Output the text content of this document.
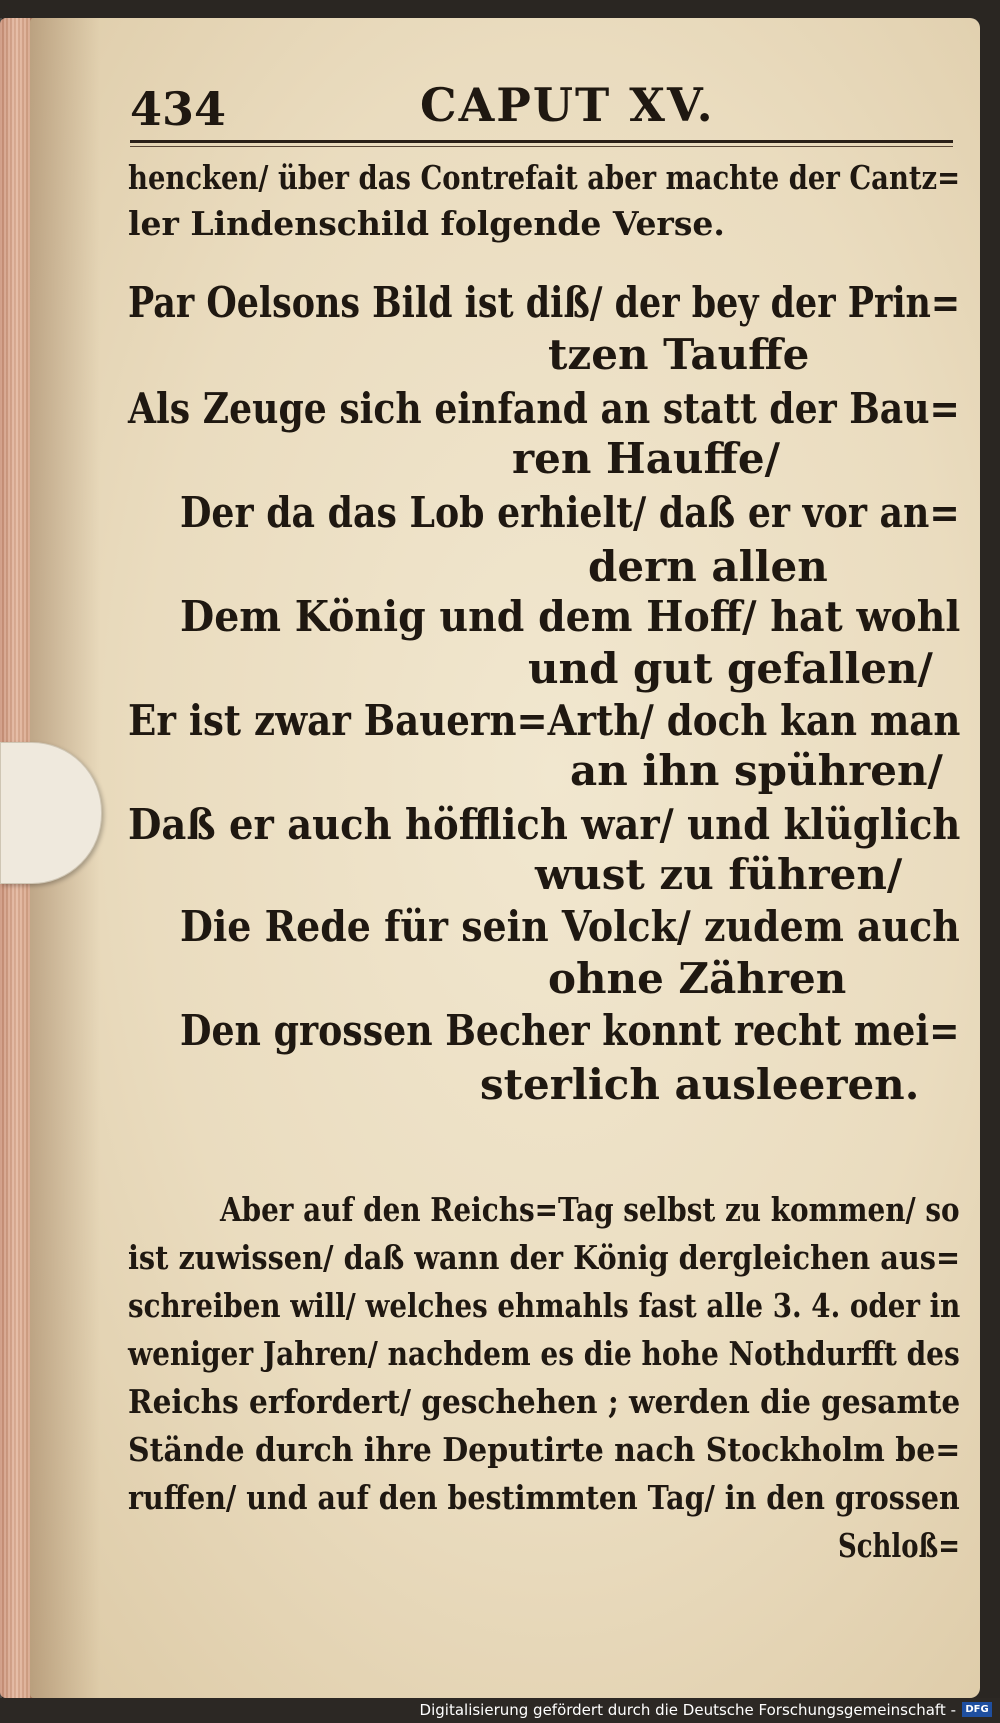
434	CAPUT XV.
hencken/ über das Contrefait aber machte der Cantz=
ler Lindenschild folgende Verse.
Par Oelsons Bild ist diß/ der bey der Prin=
tzen Tauffe
Als Zeuge sich einfand an statt der Bau=
ren Hauffe/
Der da das Lob erhielt/ daß er vor an=
dern allen
Dem König und dem Hoff/ hat wohl
und gut gefallen/
Er ist zwar Bauern=Arth/ doch kan man
an ihn spühren/
Daß er auch höfflich war/ und klüglich
wust zu führen/
Die Rede für sein Volck/ zudem auch
ohne Zähren
Den grossen Becher konnt recht mei=
sterlich ausleeren.
Aber auf den Reichs=Tag selbst zu kommen/ so
ist zuwissen/ daß wann der König dergleichen aus=
schreiben will/ welches ehmahls fast alle 3. 4. oder in
weniger Jahren/ nachdem es die hohe Nothdurfft des
Reichs erfordert/ geschehen ; werden die gesamte
Stände durch ihre Deputirte nach Stockholm be=
ruffen/ und auf den bestimmten Tag/ in den grossen
Schloß=
Digitalisierung gefördert durch die Deutsche Forschungsgemeinschaft - DFG
